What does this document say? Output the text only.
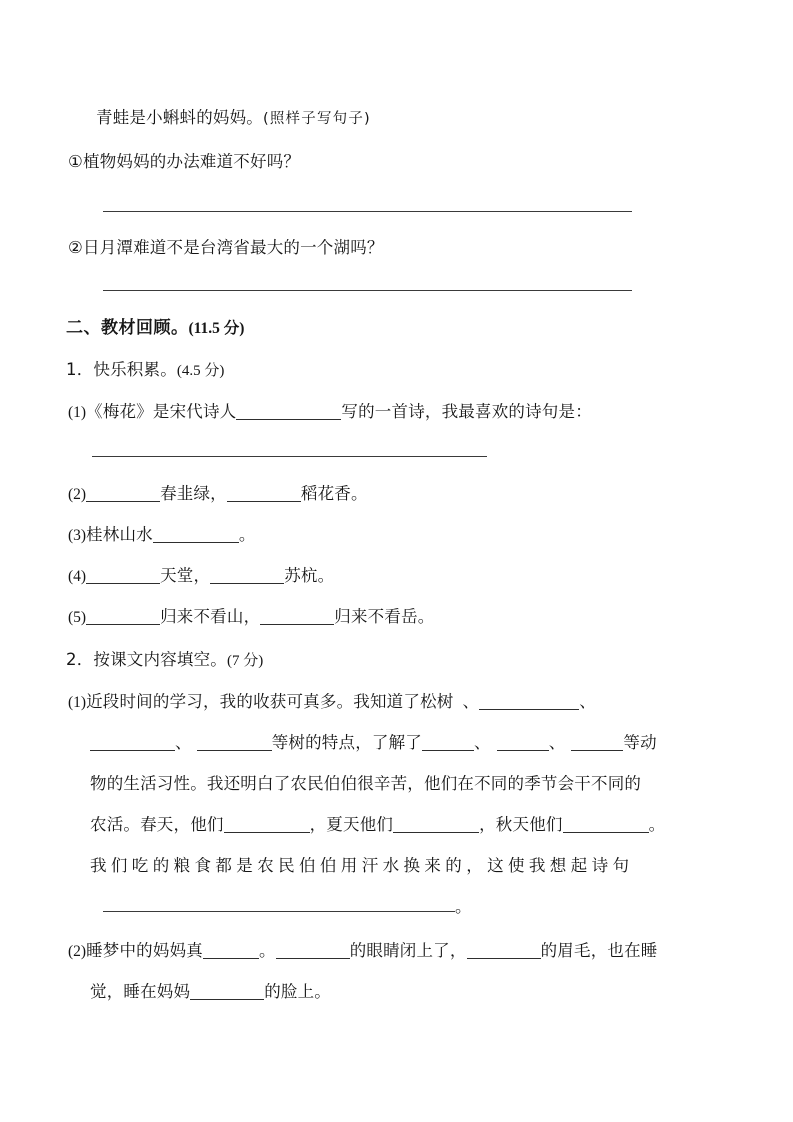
青蛙是小蝌蚪的妈妈。(照样子写句子)
①植物妈妈的办法难道不好吗？
②日月潭难道不是台湾省最大的一个湖吗？
二、教材回顾。(11.5 分)
1．快乐积累。(4.5 分)
(1)《梅花》是宋代诗人	写的一首诗，我最喜欢的诗句是：
(2)	春韭绿，	稻花香。
(3)桂林山水	。
(4)	天堂，	苏杭。
(5)	归来不看山，	归来不看岳。
2．按课文内容填空。(7 分)
(1)近段时间的学习，我的收获可真多。我知道了松树 、	、
、	等树的特点，了解了	、	、	等动
物的生活习性。我还明白了农民伯伯很辛苦，他们在不同的季节会干不同的
农活。春天，他们	，夏天他们	，秋天他们	。
我们吃的粮食都是农民伯伯用汗水换来的，这使我想起诗句
。
(2)睡梦中的妈妈真	。	的眼睛闭上了，	的眉毛，也在睡
觉，睡在妈妈	的脸上。
